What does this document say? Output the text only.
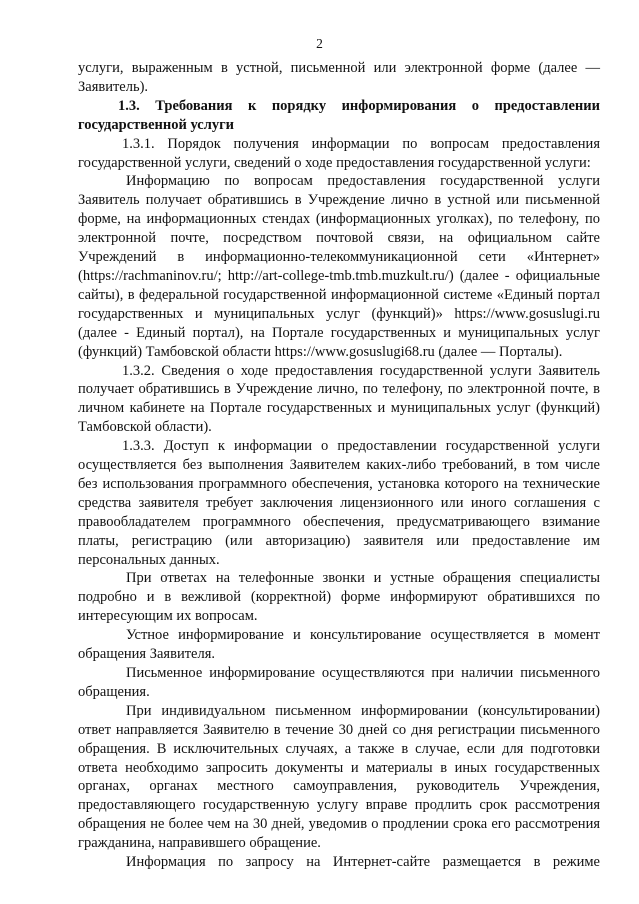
2

услуги, выраженным в устной, письменной или электронной форме (далее — Заявитель).

1.3. Требования к порядку информирования о предоставлении государственной услуги

1.3.1. Порядок получения информации по вопросам предоставления государственной услуги, сведений о ходе предоставления государственной услуги:

Информацию по вопросам предоставления государственной услуги Заявитель получает обратившись в Учреждение лично в устной или письменной форме, на информационных стендах (информационных уголках), по телефону, по электронной почте, посредством почтовой связи, на официальном сайте Учреждений в информационно-телекоммуникационной сети «Интернет» (https://rachmaninov.ru/; http://art-college-tmb.tmb.muzkult.ru/) (далее - официальные сайты), в федеральной государственной информационной системе «Единый портал государственных и муниципальных услуг (функций)» https://www.gosuslugi.ru (далее - Единый портал), на Портале государственных и муниципальных услуг (функций) Тамбовской области https://www.gosuslugi68.ru (далее — Порталы).

1.3.2. Сведения о ходе предоставления государственной услуги Заявитель получает обратившись в Учреждение лично, по телефону, по электронной почте, в личном кабинете на Портале государственных и муниципальных услуг (функций) Тамбовской области).

1.3.3. Доступ к информации о предоставлении государственной услуги осуществляется без выполнения Заявителем каких-либо требований, в том числе без использования программного обеспечения, установка которого на технические средства заявителя требует заключения лицензионного или иного соглашения с правообладателем программного обеспечения, предусматривающего взимание платы, регистрацию (или авторизацию) заявителя или предоставление им персональных данных.

При ответах на телефонные звонки и устные обращения специалисты подробно и в вежливой (корректной) форме информируют обратившихся по интересующим их вопросам.

Устное информирование и консультирование осуществляется в момент обращения Заявителя.

Письменное информирование осуществляются при наличии письменного обращения.

При индивидуальном письменном информировании (консультировании) ответ направляется Заявителю в течение 30 дней со дня регистрации письменного обращения. В исключительных случаях, а также в случае, если для подготовки ответа необходимо запросить документы и материалы в иных государственных органах, органах местного самоуправления, руководитель Учреждения, предоставляющего государственную услугу вправе продлить срок рассмотрения обращения не более чем на 30 дней, уведомив о продлении срока его рассмотрения гражданина, направившего обращение.

Информация по запросу на Интернет-сайте размещается в режиме
